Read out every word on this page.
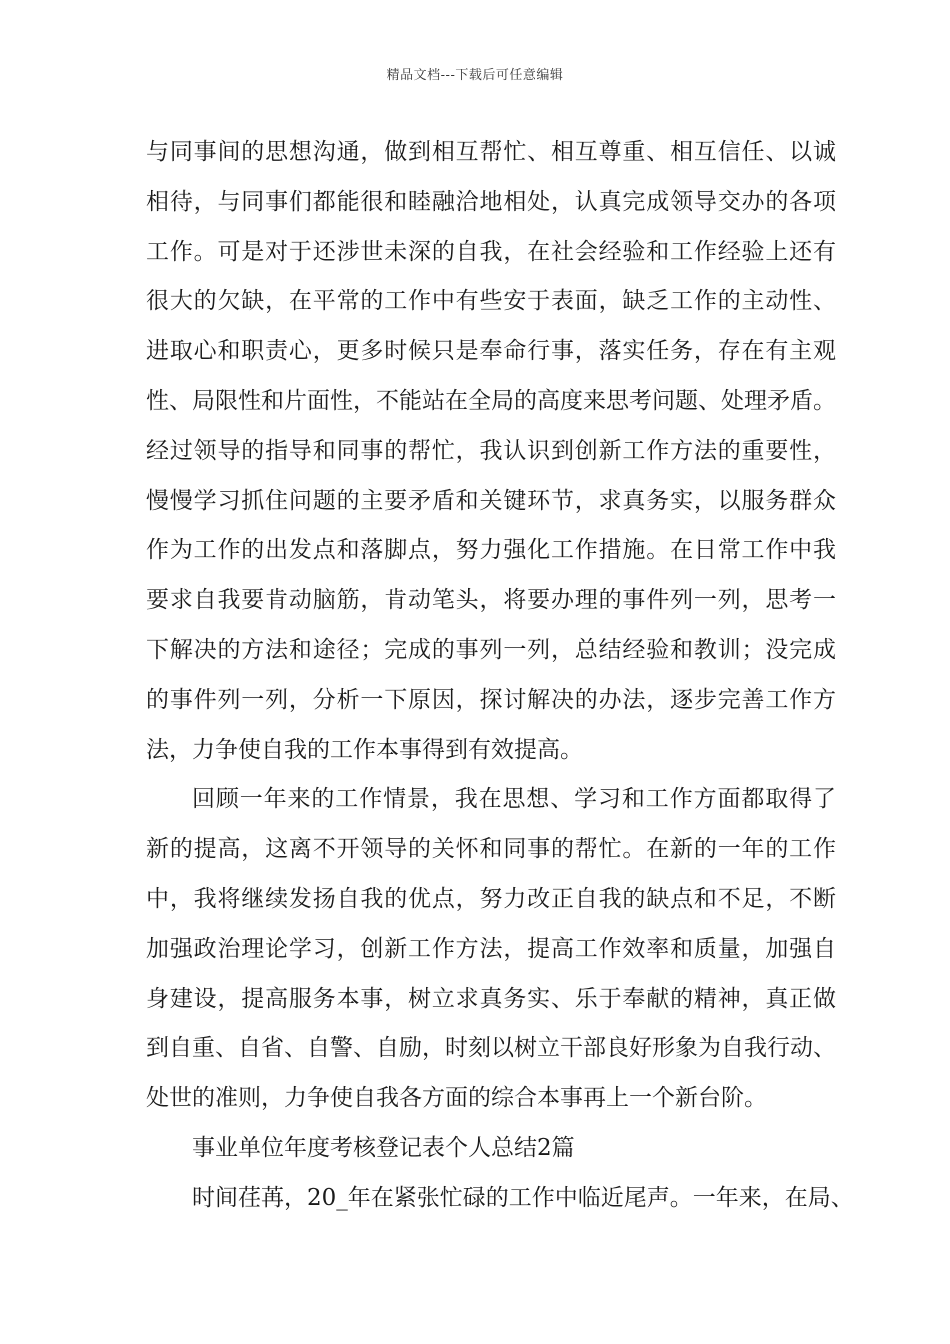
精品文档---下载后可任意编辑
与同事间的思想沟通，做到相互帮忙、相互尊重、相互信任、以诚
相待，与同事们都能很和睦融洽地相处，认真完成领导交办的各项
工作。可是对于还涉世未深的自我，在社会经验和工作经验上还有
很大的欠缺，在平常的工作中有些安于表面，缺乏工作的主动性、
进取心和职责心，更多时候只是奉命行事，落实任务，存在有主观
性、局限性和片面性，不能站在全局的高度来思考问题、处理矛盾。
经过领导的指导和同事的帮忙，我认识到创新工作方法的重要性，
慢慢学习抓住问题的主要矛盾和关键环节，求真务实，以服务群众
作为工作的出发点和落脚点，努力强化工作措施。在日常工作中我
要求自我要肯动脑筋，肯动笔头，将要办理的事件列一列，思考一
下解决的方法和途径；完成的事列一列，总结经验和教训；没完成
的事件列一列，分析一下原因，探讨解决的办法，逐步完善工作方
法，力争使自我的工作本事得到有效提高。
回顾一年来的工作情景，我在思想、学习和工作方面都取得了
新的提高，这离不开领导的关怀和同事的帮忙。在新的一年的工作
中，我将继续发扬自我的优点，努力改正自我的缺点和不足，不断
加强政治理论学习，创新工作方法，提高工作效率和质量，加强自
身建设，提高服务本事，树立求真务实、乐于奉献的精神，真正做
到自重、自省、自警、自励，时刻以树立干部良好形象为自我行动、
处世的准则，力争使自我各方面的综合本事再上一个新台阶。
事业单位年度考核登记表个人总结2篇
时间荏苒，20_年在紧张忙碌的工作中临近尾声。一年来，在局、
